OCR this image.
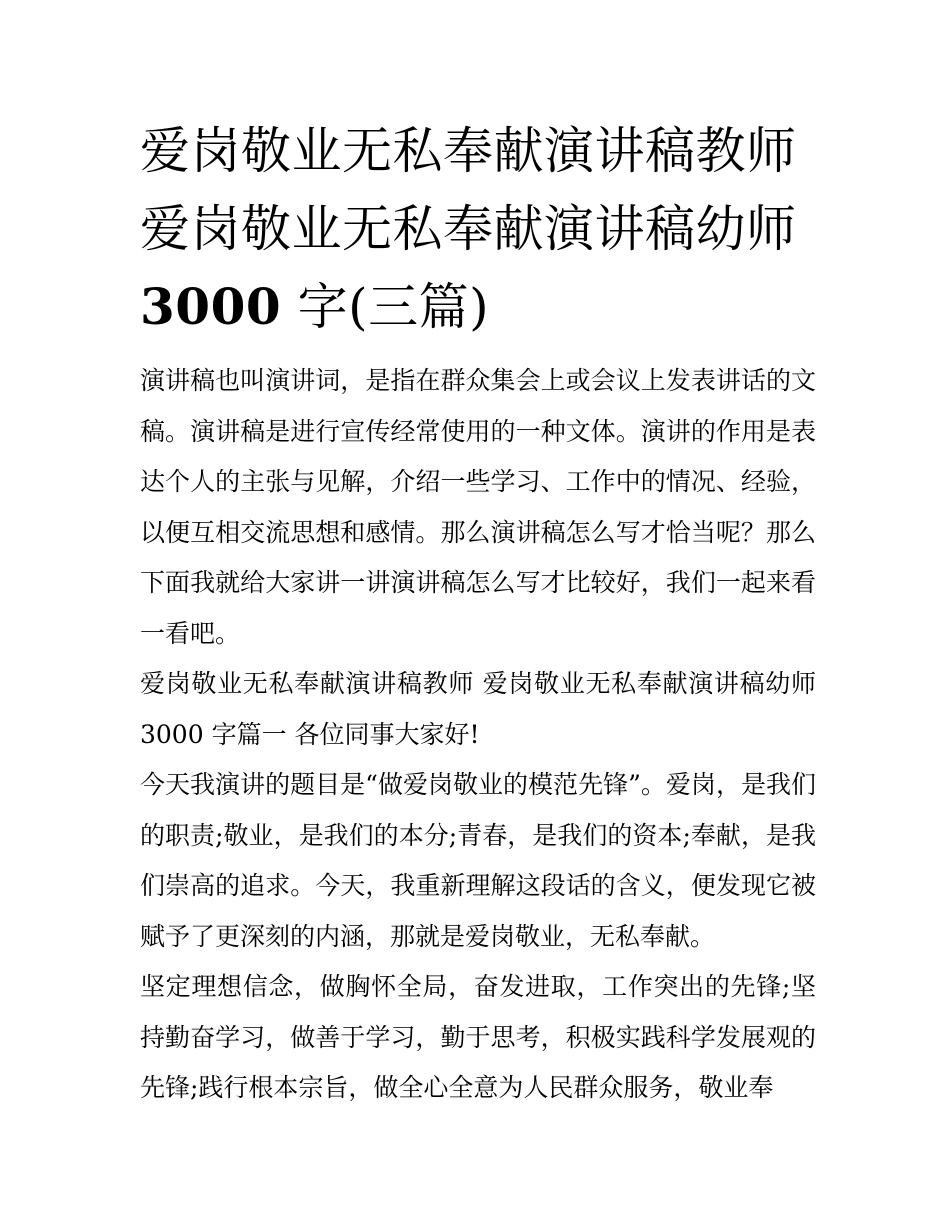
爱岗敬业无私奉献演讲稿教师
爱岗敬业无私奉献演讲稿幼师
3000 字(三篇)
演讲稿也叫演讲词，是指在群众集会上或会议上发表讲话的文
稿。演讲稿是进行宣传经常使用的一种文体。演讲的作用是表
达个人的主张与见解，介绍一些学习、工作中的情况、经验，
以便互相交流思想和感情。那么演讲稿怎么写才恰当呢？那么
下面我就给大家讲一讲演讲稿怎么写才比较好，我们一起来看
一看吧。
爱岗敬业无私奉献演讲稿教师 爱岗敬业无私奉献演讲稿幼师
3000 字篇一 各位同事大家好!
今天我演讲的题目是“做爱岗敬业的模范先锋”。爱岗，是我们
的职责;敬业，是我们的本分;青春，是我们的资本;奉献，是我
们崇高的追求。今天，我重新理解这段话的含义，便发现它被
赋予了更深刻的内涵，那就是爱岗敬业，无私奉献。
坚定理想信念，做胸怀全局，奋发进取，工作突出的先锋;坚
持勤奋学习，做善于学习，勤于思考，积极实践科学发展观的
先锋;践行根本宗旨，做全心全意为人民群众服务，敬业奉
